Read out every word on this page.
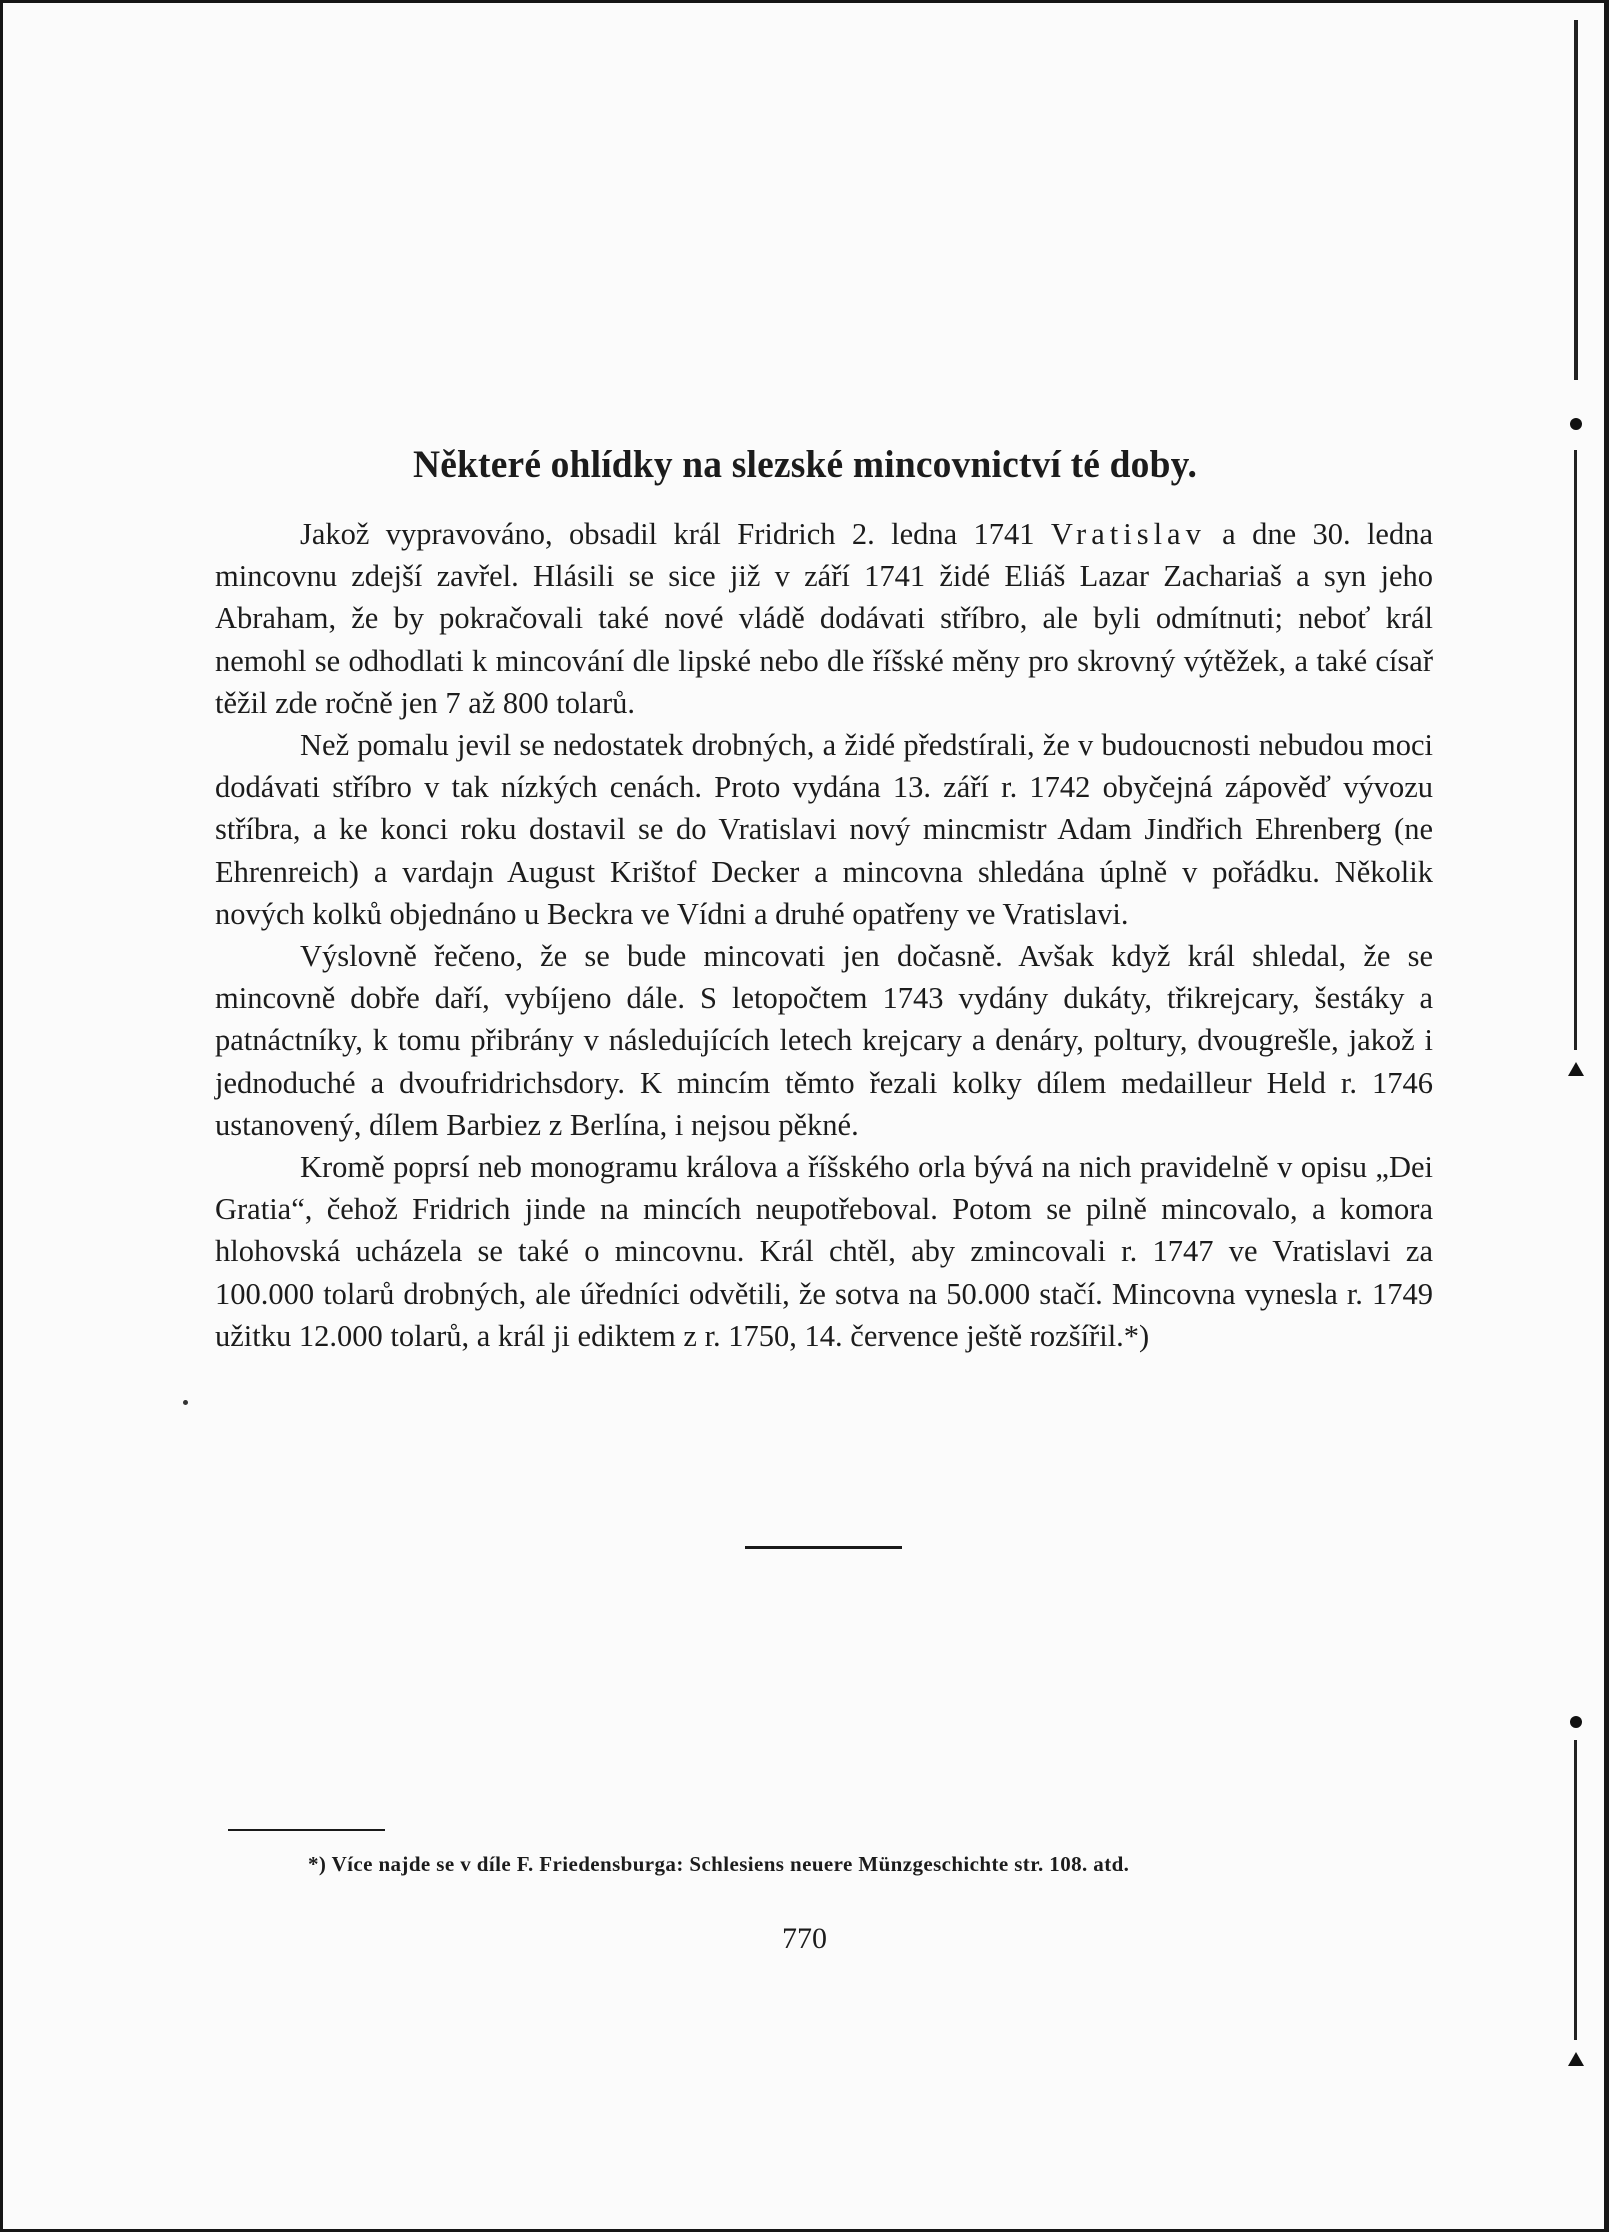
Některé ohlídky na slezské mincovnictví té doby.

Jakož vypravováno, obsadil král Fridrich 2. ledna 1741 Vratislav a dne 30. ledna mincovnu zdejší zavřel. Hlásili se sice již v září 1741 židé Eliáš Lazar Zachariaš a syn jeho Abraham, že by pokračovali také nové vládě dodávati stříbro, ale byli odmítnuti; neboť král nemohl se odhodlati k mincování dle lipské nebo dle říšské měny pro skrovný výtěžek, a také císař těžil zde ročně jen 7 až 800 tolarů.

Než pomalu jevil se nedostatek drobných, a židé předstírali, že v budoucnosti nebudou moci dodávati stříbro v tak nízkých cenách. Proto vydána 13. září r. 1742 obyčejná zápověď vývozu stříbra, a ke konci roku dostavil se do Vratislavi nový mincmistr Adam Jindřich Ehrenberg (ne Ehrenreich) a vardajn August Krištof Decker a mincovna shledána úplně v pořádku. Několik nových kolků objednáno u Beckra ve Vídni a druhé opatřeny ve Vratislavi.

Výslovně řečeno, že se bude mincovati jen dočasně. Avšak když král shledal, že se mincovně dobře daří, vybíjeno dále. S letopočtem 1743 vydány dukáty, třikrejcary, šestáky a patnáctníky, k tomu přibrány v následujících letech krejcary a denáry, poltury, dvougrešle, jakož i jednoduché a dvoufridrichsdory. K mincím těmto řezali kolky dílem medailleur Held r. 1746 ustanovený, dílem Barbiez z Berlína, i nejsou pěkné.

Kromě poprsí neb monogramu králova a říšského orla bývá na nich pravidelně v opisu „Dei Gratia“, čehož Fridrich jinde na mincích neupotřeboval. Potom se pilně mincovalo, a komora hlohovská ucházela se také o mincovnu. Král chtěl, aby zmincovali r. 1747 ve Vratislavi za 100.000 tolarů drobných, ale úředníci odvětili, že sotva na 50.000 stačí. Mincovna vynesla r. 1749 užitku 12.000 tolarů, a král ji ediktem z r. 1750, 14. července ještě rozšířil.*)

*) Více najde se v díle F. Friedensburga: Schlesiens neuere Münzgeschichte str. 108. atd.
770
